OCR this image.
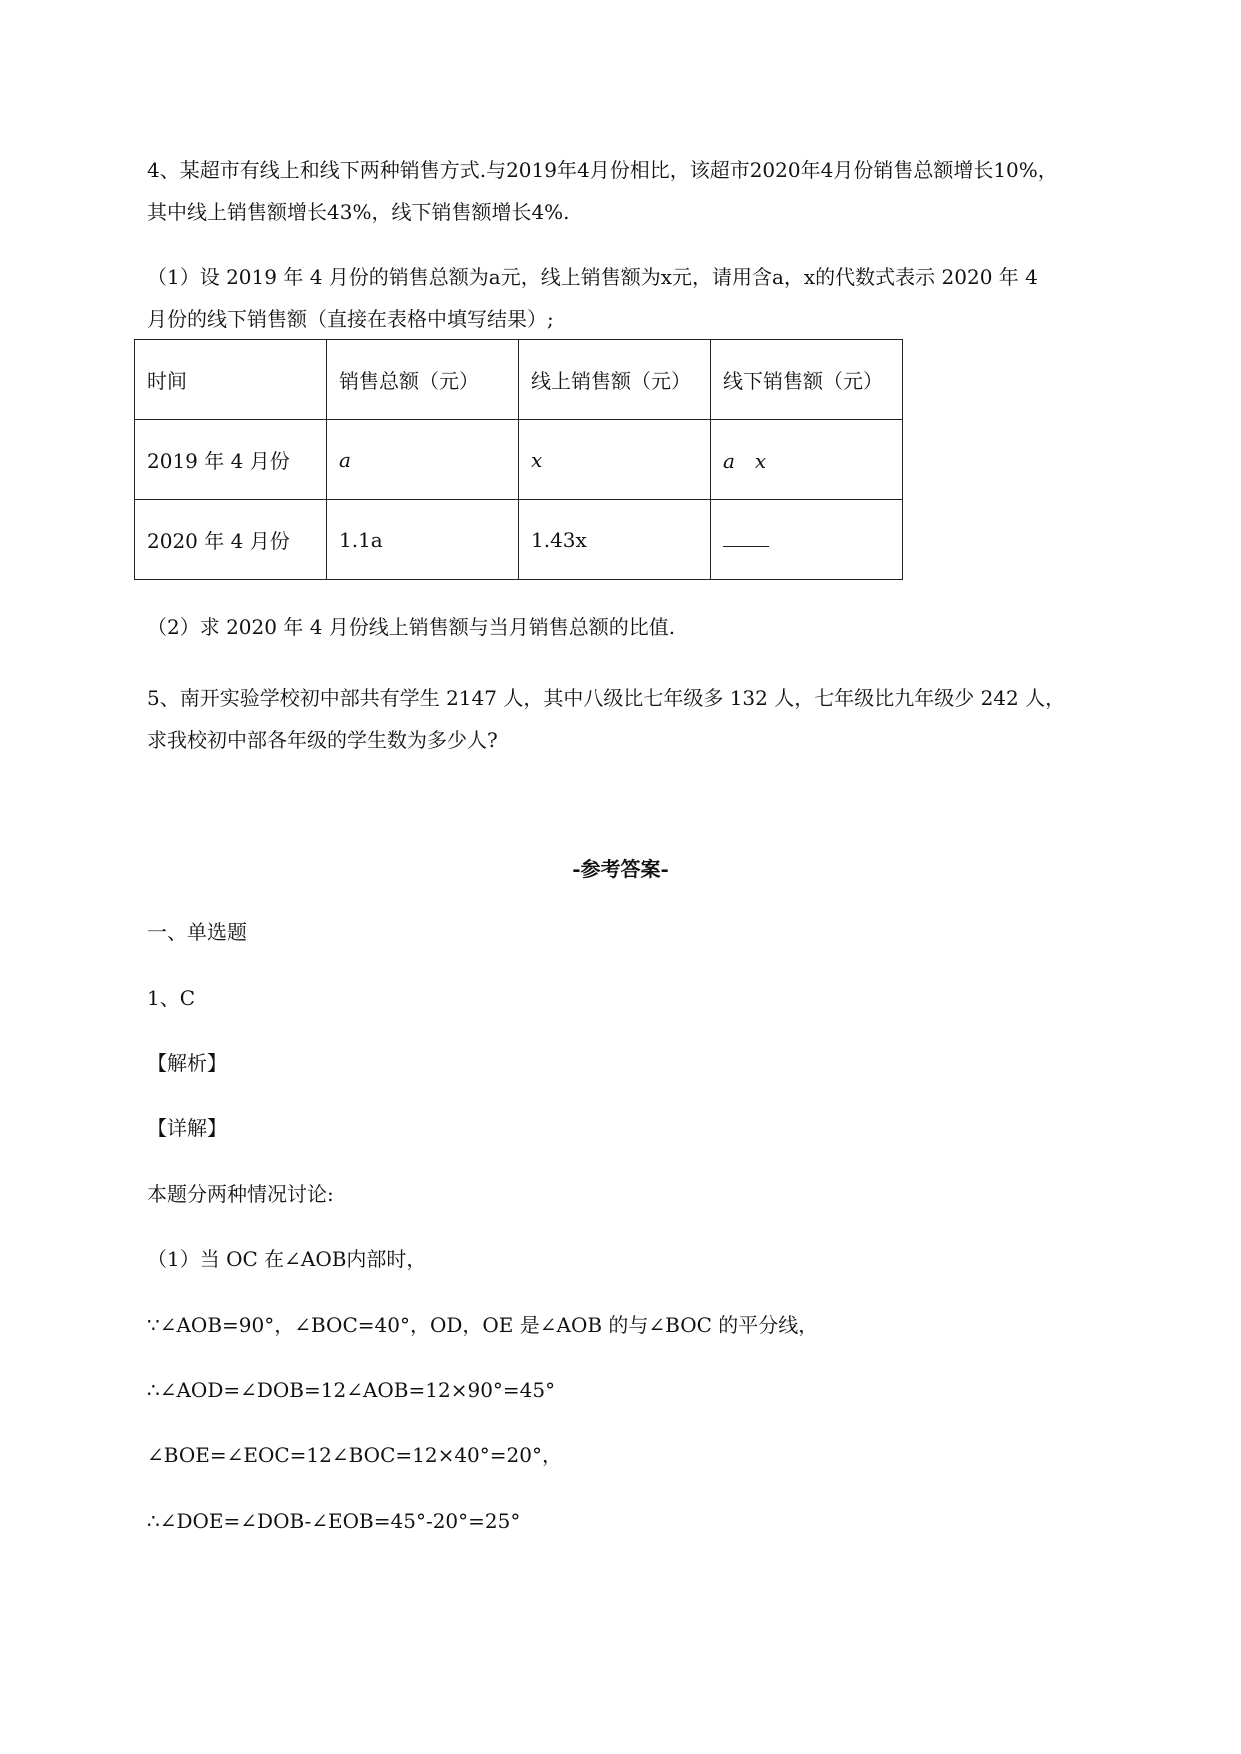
4、某超市有线上和线下两种销售方式.与2019年4月份相比，该超市2020年4月份销售总额增长10%，
其中线上销售额增长43%，线下销售额增长4%.
（1）设 2019 年 4 月份的销售总额为a元，线上销售额为x元，请用含a，x的代数式表示 2020 年 4
月份的线下销售额（直接在表格中填写结果）;
时间	销售总额（元）	线上销售额（元）	线下销售额（元）
2019 年 4 月份	a	x	a　x
2020 年 4 月份	1.1a	1.43x	
（2）求 2020 年 4 月份线上销售额与当月销售总额的比值.
5、南开实验学校初中部共有学生 2147 人，其中八级比七年级多 132 人，七年级比九年级少 242 人，
求我校初中部各年级的学生数为多少人?
-参考答案-
一、单选题
1、C
【解析】
【详解】
本题分两种情况讨论:
（1）当 OC 在∠AOB内部时，
∵∠AOB=90°，∠BOC=40°，OD，OE 是∠AOB 的与∠BOC 的平分线，
∴∠AOD=∠DOB=12∠AOB=12×90°=45°
∠BOE=∠EOC=12∠BOC=12×40°=20°，
∴∠DOE=∠DOB-∠EOB=45°-20°=25°
